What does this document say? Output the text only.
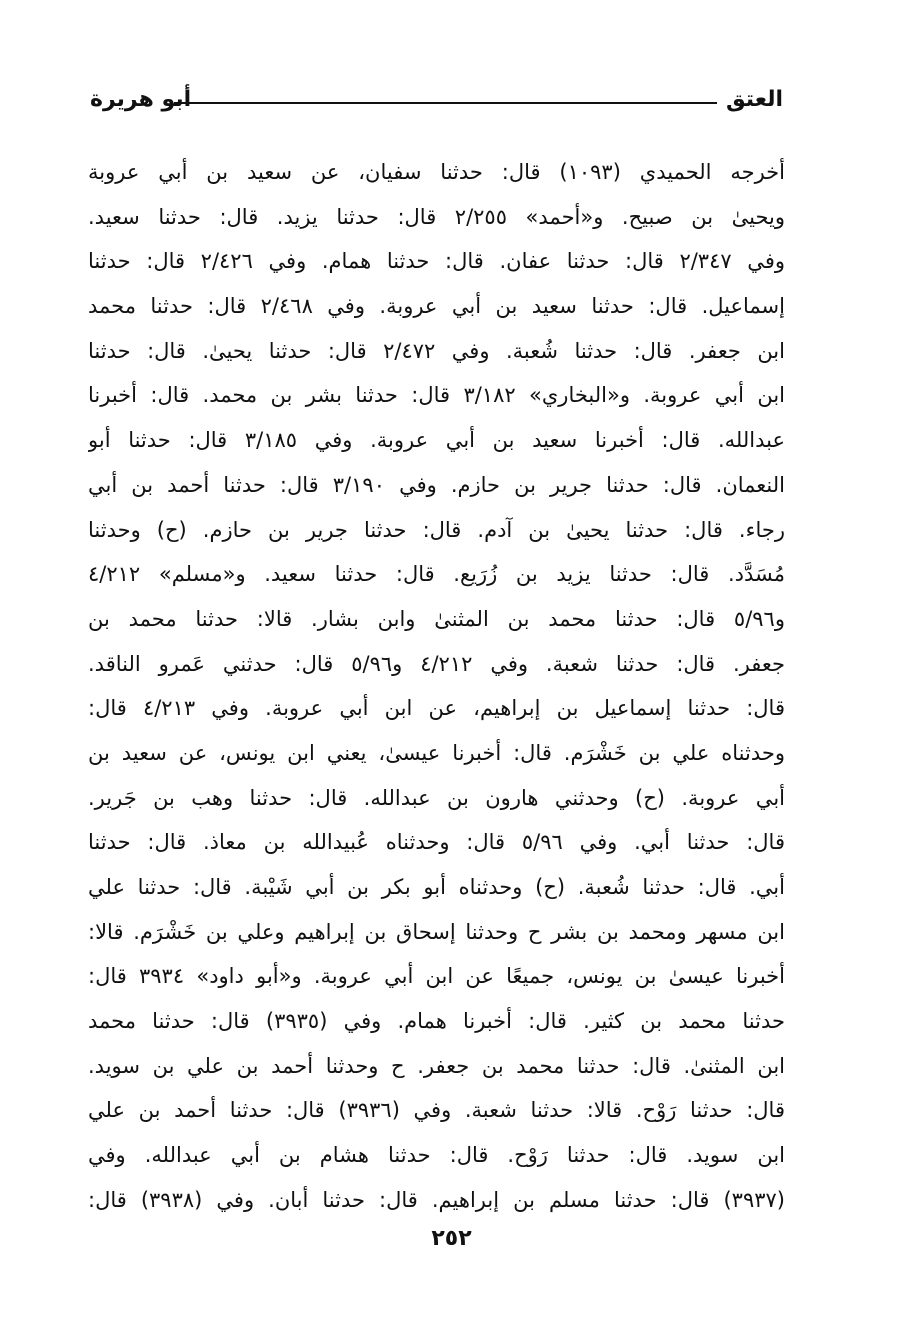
العتق
أبو هريرة
أخرجه الحميدي (١٠٩٣) قال: حدثنا سفيان، عن سعيد بن أبي عروبة
ويحيىٰ بن صبيح. و«أحمد» ٢/٢٥٥ قال: حدثنا يزيد. قال: حدثنا سعيد.
وفي ٢/٣٤٧ قال: حدثنا عفان. قال: حدثنا همام. وفي ٢/٤٢٦ قال: حدثنا
إسماعيل. قال: حدثنا سعيد بن أبي عروبة. وفي ٢/٤٦٨ قال: حدثنا محمد
ابن جعفر. قال: حدثنا شُعبة. وفي ٢/٤٧٢ قال: حدثنا يحيىٰ. قال: حدثنا
ابن أبي عروبة. و«البخاري» ٣/١٨٢ قال: حدثنا بشر بن محمد. قال: أخبرنا
عبدالله. قال: أخبرنا سعيد بن أبي عروبة. وفي ٣/١٨٥ قال: حدثنا أبو
النعمان. قال: حدثنا جرير بن حازم. وفي ٣/١٩٠ قال: حدثنا أحمد بن أبي
رجاء. قال: حدثنا يحيىٰ بن آدم. قال: حدثنا جرير بن حازم. (ح) وحدثنا
مُسَدَّد. قال: حدثنا يزيد بن زُرَيع. قال: حدثنا سعيد. و«مسلم» ٤/٢١٢
و٥/٩٦ قال: حدثنا محمد بن المثنىٰ وابن بشار. قالا: حدثنا محمد بن
جعفر. قال: حدثنا شعبة. وفي ٤/٢١٢ و٥/٩٦ قال: حدثني عَمرو الناقد.
قال: حدثنا إسماعيل بن إبراهيم، عن ابن أبي عروبة. وفي ٤/٢١٣ قال:
وحدثناه علي بن خَشْرَم. قال: أخبرنا عيسىٰ، يعني ابن يونس، عن سعيد بن
أبي عروبة. (ح) وحدثني هارون بن عبدالله. قال: حدثنا وهب بن جَرير.
قال: حدثنا أبي. وفي ٥/٩٦ قال: وحدثناه عُبيدالله بن معاذ. قال: حدثنا
أبي. قال: حدثنا شُعبة. (ح) وحدثناه أبو بكر بن أبي شَيْبة. قال: حدثنا علي
ابن مسهر ومحمد بن بشر ح وحدثنا إسحاق بن إبراهيم وعلي بن خَشْرَم. قالا:
أخبرنا عيسىٰ بن يونس، جميعًا عن ابن أبي عروبة. و«أبو داود» ٣٩٣٤ قال:
حدثنا محمد بن كثير. قال: أخبرنا همام. وفي (٣٩٣٥) قال: حدثنا محمد
ابن المثنىٰ. قال: حدثنا محمد بن جعفر. ح وحدثنا أحمد بن علي بن سويد.
قال: حدثنا رَوْح. قالا: حدثنا شعبة. وفي (٣٩٣٦) قال: حدثنا أحمد بن علي
ابن سويد. قال: حدثنا رَوْح. قال: حدثنا هشام بن أبي عبدالله. وفي
(٣٩٣٧) قال: حدثنا مسلم بن إبراهيم. قال: حدثنا أبان. وفي (٣٩٣٨) قال:
٢٥٢
